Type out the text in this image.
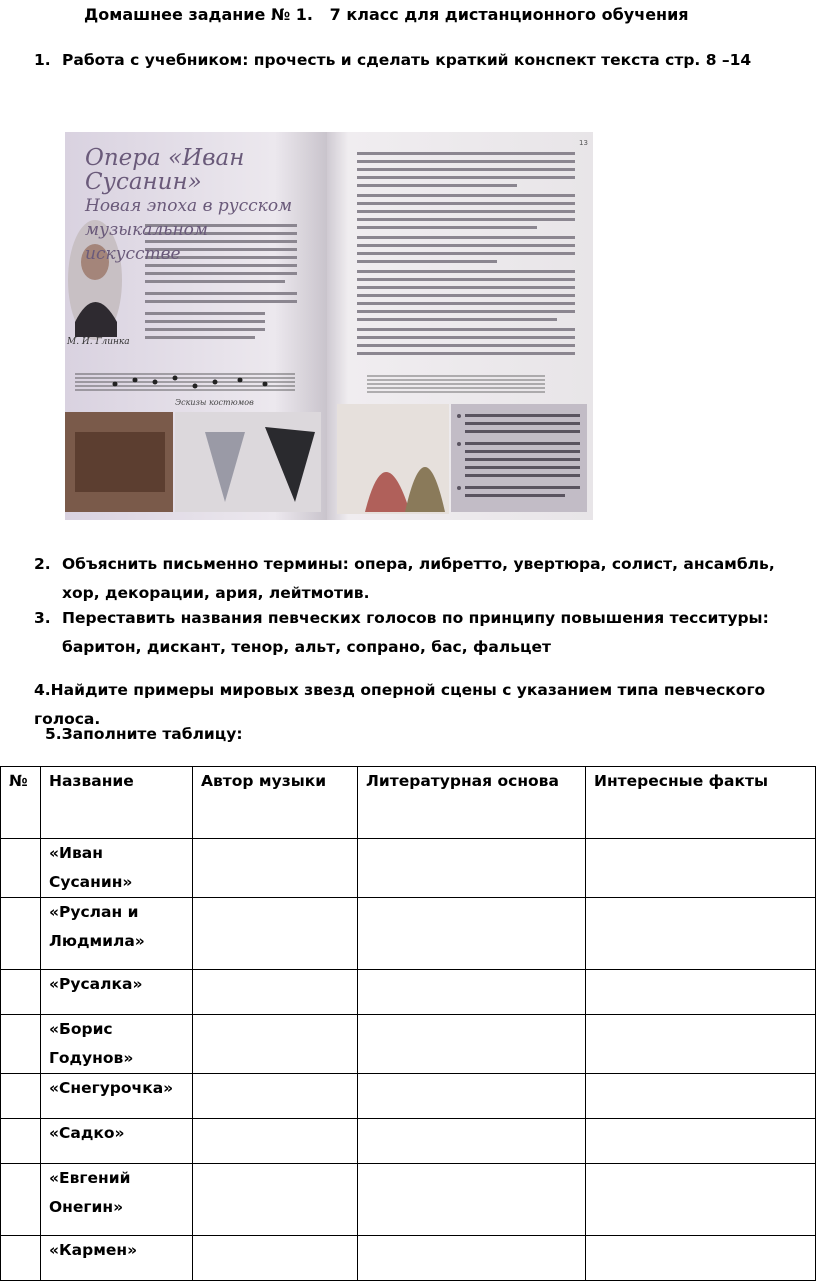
Домашнее задание № 1.   7 класс для дистанционного обучения
1. Работа с учебником: прочесть и сделать краткий конспект текста стр. 8 –14
Опера «Иван Сусанин»
Новая эпоха в русском
музыкальном искусстве
М. И. Глинка
Эскизы костюмов
13
2. Объяснить письменно термины: опера, либретто, увертюра, солист, ансамбль, хор, декорации, ария, лейтмотив.
3. Переставить названия певческих голосов по принципу повышения тесситуры: баритон, дискант, тенор, альт, сопрано, бас, фальцет
4.Найдите примеры мировых звезд оперной сцены с указанием типа певческого голоса.
5.Заполните таблицу:
№	Название	Автор музыки	Литературная основа	Интересные факты

	«Иван Сусанин»			

	«Руслан и
Людмила»			

	«Русалка»			

	«Борис Годунов»			

	«Снегурочка»			

	«Садко»			

	«Евгений
Онегин»			

	«Кармен»			
